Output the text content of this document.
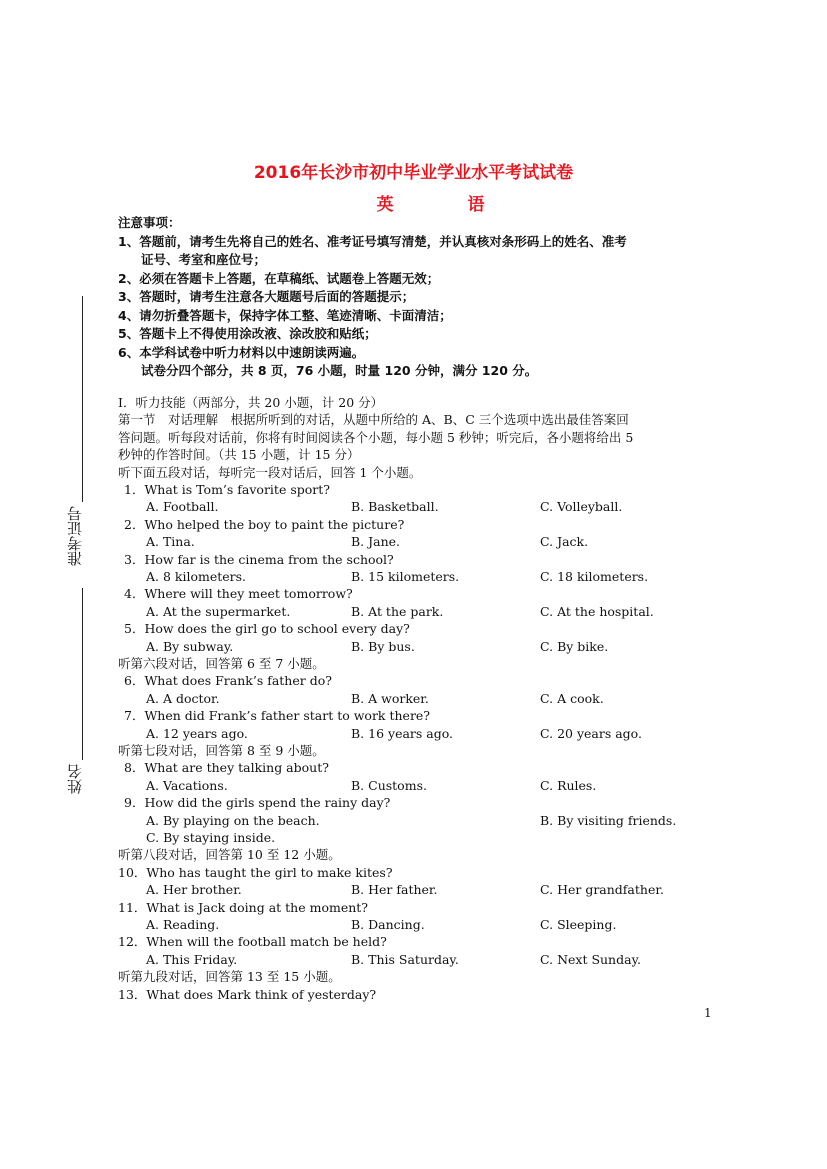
2016年长沙市初中毕业学业水平考试试卷
英 语
注意事项：
1、答题前，请考生先将自己的姓名、准考证号填写清楚，并认真核对条形码上的姓名、准考
证号、考室和座位号；
2、必须在答题卡上答题，在草稿纸、试题卷上答题无效；
3、答题时，请考生注意各大题题号后面的答题提示；
4、请勿折叠答题卡，保持字体工整、笔迹清晰、卡面清洁；
5、答题卡上不得使用涂改液、涂改胶和贴纸；
6、本学科试卷中听力材料以中速朗读两遍。
试卷分四个部分，共 8 页，76 小题，时量 120 分钟，满分 120 分。
I．听力技能（两部分，共 20 小题，计 20 分）
第一节　对话理解　根据所听到的对话，从题中所给的 A、B、C 三个选项中选出最佳答案回
答问题。听每段对话前，你将有时间阅读各个小题，每小题 5 秒钟；听完后，各小题将给出 5
秒钟的作答时间。（共 15 小题，计 15 分）
听下面五段对话，每听完一段对话后，回答 1 个小题。
1．What is Tom’s favorite sport?
A. Football.	B. Basketball.	C. Volleyball.
2．Who helped the boy to paint the picture?
A. Tina.	B. Jane.	C. Jack.
3．How far is the cinema from the school?
A. 8 kilometers.	B. 15 kilometers.	C. 18 kilometers.
4．Where will they meet tomorrow?
A. At the supermarket.	B. At the park.	C. At the hospital.
5．How does the girl go to school every day?
A. By subway.	B. By bus.	C. By bike.
听第六段对话，回答第 6 至 7 小题。
6．What does Frank’s father do?
A. A doctor.	B. A worker.	C. A cook.
7．When did Frank’s father start to work there?
A. 12 years ago.	B. 16 years ago.	C. 20 years ago.
听第七段对话，回答第 8 至 9 小题。
8．What are they talking about?
A. Vacations.	B. Customs.	C. Rules.
9．How did the girls spend the rainy day?
A. By playing on the beach.	B. By visiting friends.
C. By staying inside.
听第八段对话，回答第 10 至 12 小题。
10．Who has taught the girl to make kites?
A. Her brother.	B. Her father.	C. Her grandfather.
11．What is Jack doing at the moment?
A. Reading.	B. Dancing.	C. Sleeping.
12．When will the football match be held?
A. This Friday.	B. This Saturday.	C. Next Sunday.
听第九段对话，回答第 13 至 15 小题。
13．What does Mark think of yesterday?
准考证号
姓名
1
